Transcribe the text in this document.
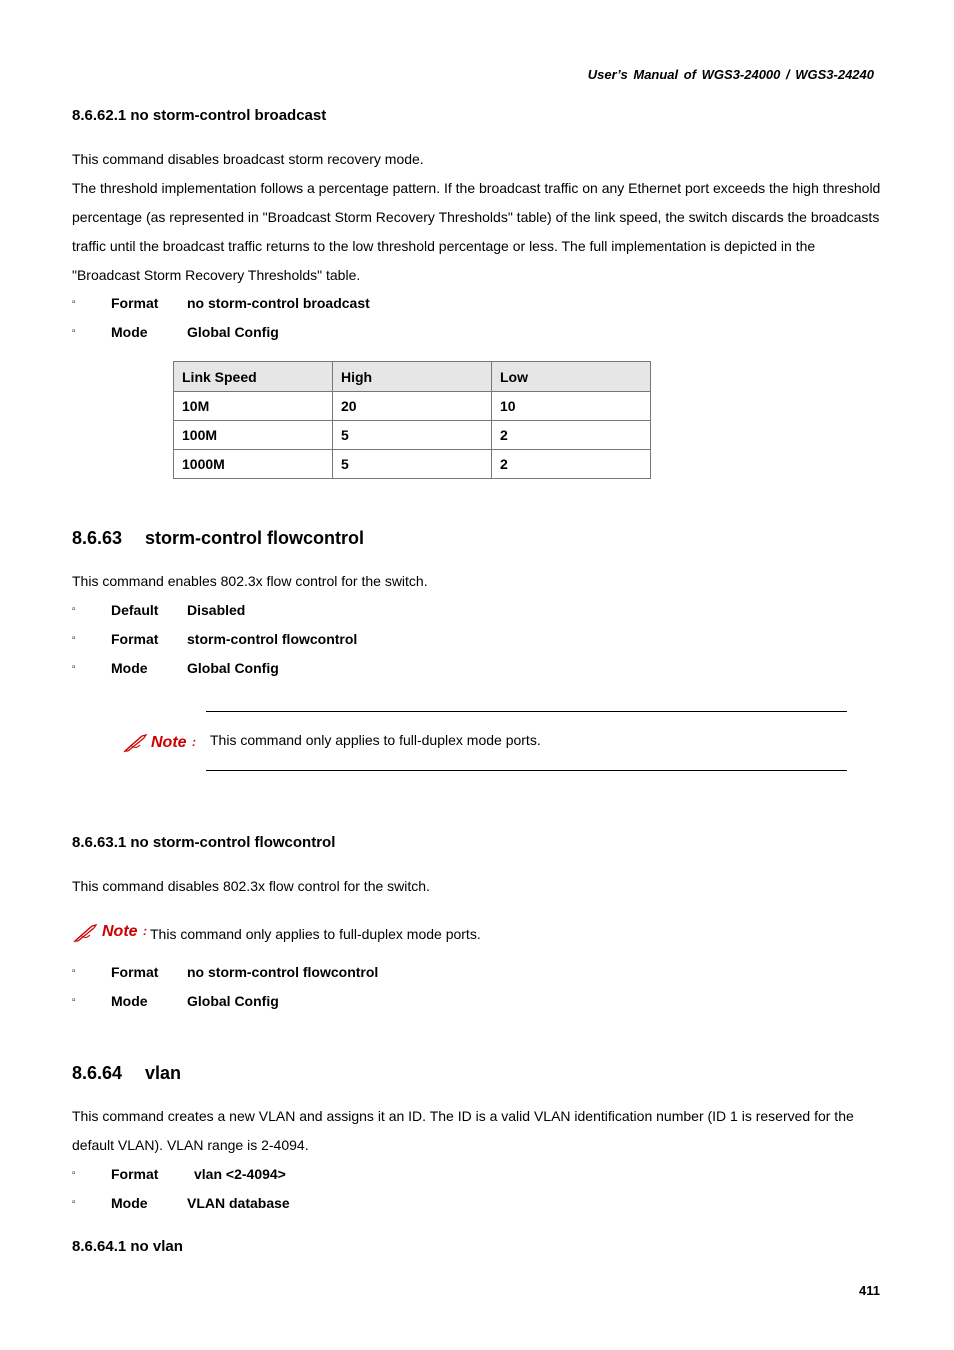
User’s Manual of WGS3-24000 / WGS3-24240
8.6.62.1 no storm-control broadcast
This command disables broadcast storm recovery mode.
The threshold implementation follows a percentage pattern. If the broadcast traffic on any Ethernet port exceeds the high threshold percentage (as represented in "Broadcast Storm Recovery Thresholds" table) of the link speed, the switch discards the broadcasts traffic until the broadcast traffic returns to the low threshold percentage or less. The full implementation is depicted in the "Broadcast Storm Recovery Thresholds" table.
▫	Format no storm-control broadcast
▫	Mode	Global Config
Link Speed	High	Low
10M	20	10
100M	5	2
1000M	5	2
8.6.63 storm-control flowcontrol
This command enables 802.3x flow control for the switch.
▫	Default Disabled
▫	Format storm-control flowcontrol
▫	Mode	Global Config
Note : This command only applies to full-duplex mode ports.
8.6.63.1 no storm-control flowcontrol
This command disables 802.3x flow control for the switch.
Note : This command only applies to full-duplex mode ports.
▫	Format no storm-control flowcontrol
▫	Mode	Global Config
8.6.64 vlan
This command creates a new VLAN and assigns it an ID. The ID is a valid VLAN identification number (ID 1 is reserved for the default VLAN). VLAN range is 2-4094.
▫	Format	vlan <2-4094>
▫	Mode	VLAN database
8.6.64.1 no vlan
411
